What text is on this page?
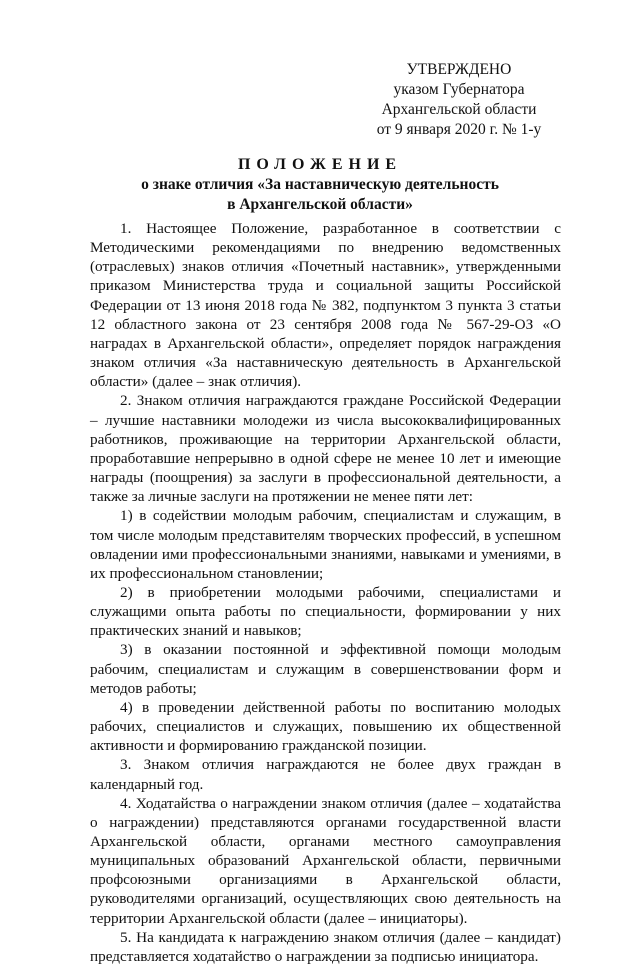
УТВЕРЖДЕНО
указом Губернатора
Архангельской области
от 9 января 2020 г. № 1-у
ПОЛОЖЕНИЕ
о знаке отличия «За наставническую деятельность
в Архангельской области»

1. Настоящее Положение, разработанное в соответствии с Методическими рекомендациями по внедрению ведомственных (отраслевых) знаков отличия «Почетный наставник», утвержденными приказом Министерства труда и социальной защиты Российской Федерации от 13 июня 2018 года № 382, подпунктом 3 пункта 3 статьи 12 областного закона от 23 сентября 2008 года № 567-29-ОЗ «О наградах в Архангельской области», определяет порядок награждения знаком отличия «За наставническую деятельность в Архангельской области» (далее – знак отличия).

2. Знаком отличия награждаются граждане Российской Федерации – лучшие наставники молодежи из числа высококвалифицированных работников, проживающие на территории Архангельской области, проработавшие непрерывно в одной сфере не менее 10 лет и имеющие награды (поощрения) за заслуги в профессиональной деятельности, а также за личные заслуги на протяжении не менее пяти лет:

1) в содействии молодым рабочим, специалистам и служащим, в том числе молодым представителям творческих профессий, в успешном овладении ими профессиональными знаниями, навыками и умениями, в их профессиональном становлении;

2) в приобретении молодыми рабочими, специалистами и служащими опыта работы по специальности, формировании у них практических знаний и навыков;

3) в оказании постоянной и эффективной помощи молодым рабочим, специалистам и служащим в совершенствовании форм и методов работы;

4) в проведении действенной работы по воспитанию молодых рабочих, специалистов и служащих, повышению их общественной активности и формированию гражданской позиции.

3. Знаком отличия награждаются не более двух граждан в календарный год.

4. Ходатайства о награждении знаком отличия (далее – ходатайства о награждении) представляются органами государственной власти Архангельской области, органами местного самоуправления муниципальных образований Архангельской области, первичными профсоюзными организациями в Архангельской области, руководителями организаций, осуществляющих свою деятельность на территории Архангельской области (далее – инициаторы).

5. На кандидата к награждению знаком отличия (далее – кандидат) представляется ходатайство о награждении за подписью инициатора.
